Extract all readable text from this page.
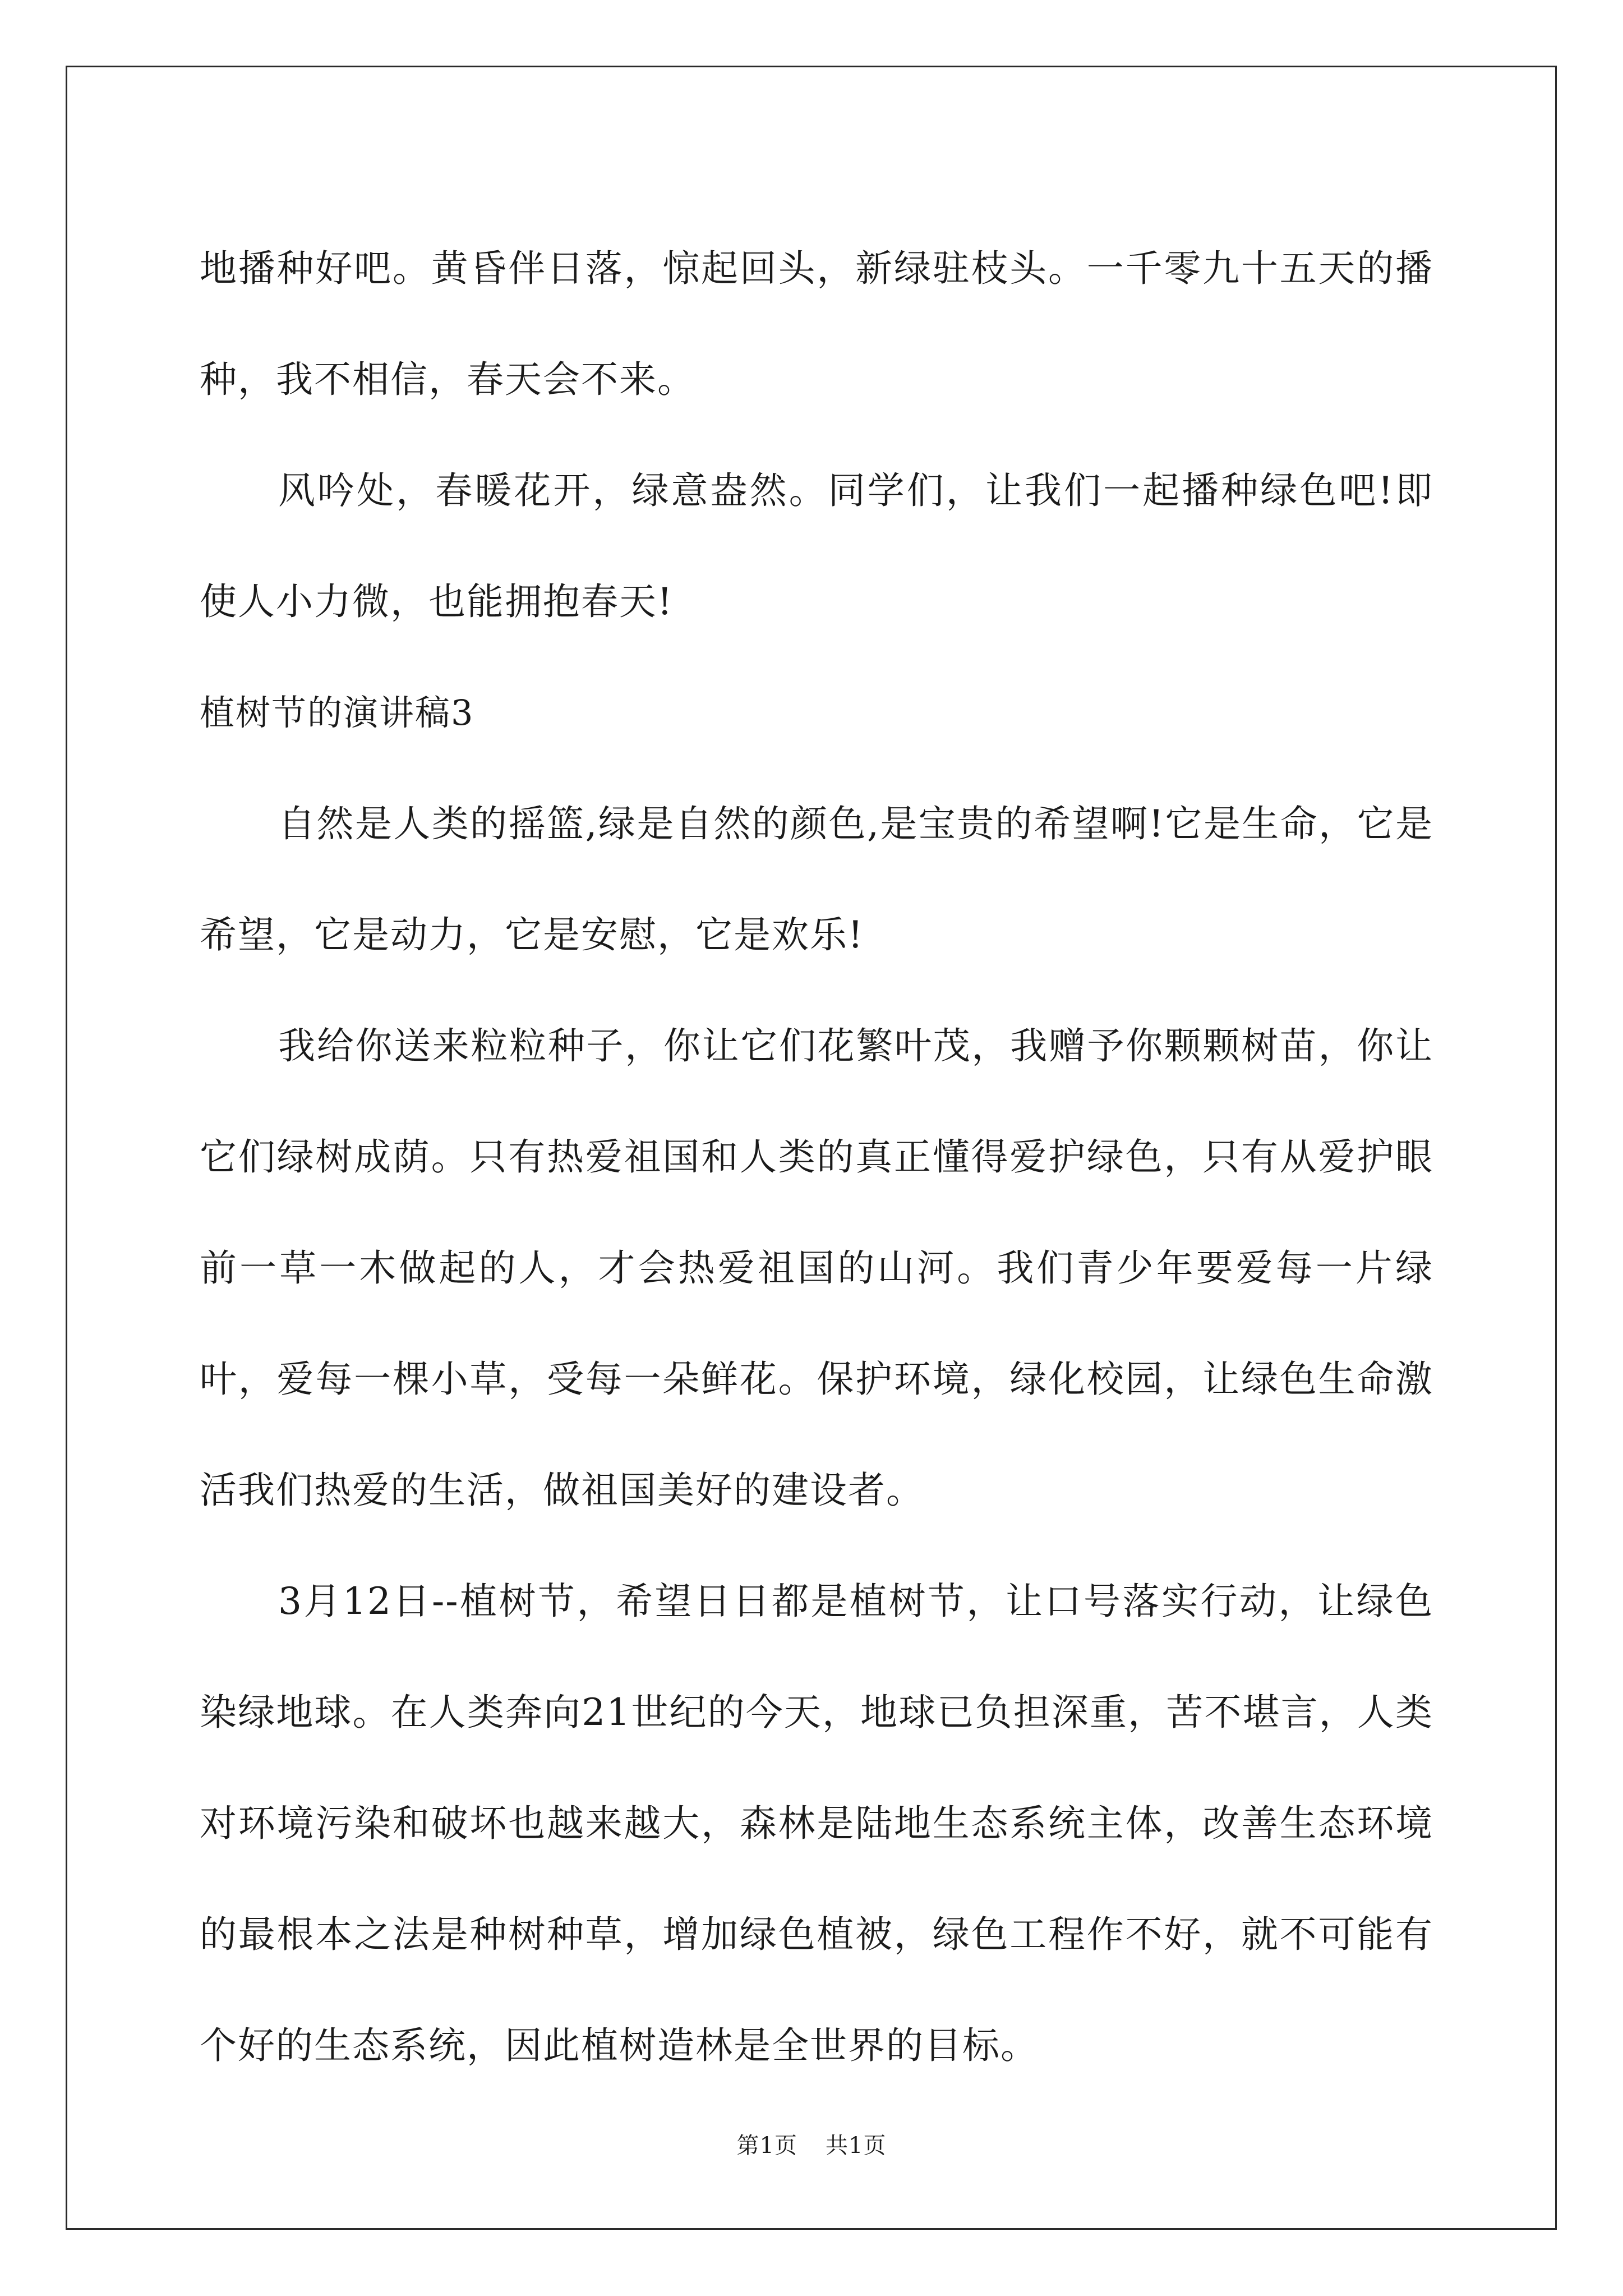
地播种好吧。黄昏伴日落，惊起回头，新绿驻枝头。一千零九十五天的播种，我不相信，春天会不来。

风吟处，春暖花开，绿意盎然。同学们，让我们一起播种绿色吧!即使人小力微，也能拥抱春天!

植树节的演讲稿3

自然是人类的摇篮,绿是自然的颜色,是宝贵的希望啊!它是生命，它是希望，它是动力，它是安慰，它是欢乐!

我给你送来粒粒种子，你让它们花繁叶茂，我赠予你颗颗树苗，你让它们绿树成荫。只有热爱祖国和人类的真正懂得爱护绿色，只有从爱护眼前一草一木做起的人，才会热爱祖国的山河。我们青少年要爱每一片绿叶，爱每一棵小草，受每一朵鲜花。保护环境，绿化校园，让绿色生命激活我们热爱的生活，做祖国美好的建设者。

3月12日--植树节，希望日日都是植树节，让口号落实行动，让绿色染绿地球。在人类奔向21世纪的今天，地球已负担深重，苦不堪言，人类对环境污染和破坏也越来越大，森林是陆地生态系统主体，改善生态环境的最根本之法是种树种草，增加绿色植被，绿色工程作不好，就不可能有个好的生态系统，因此植树造林是全世界的目标。

第1页 共1页
